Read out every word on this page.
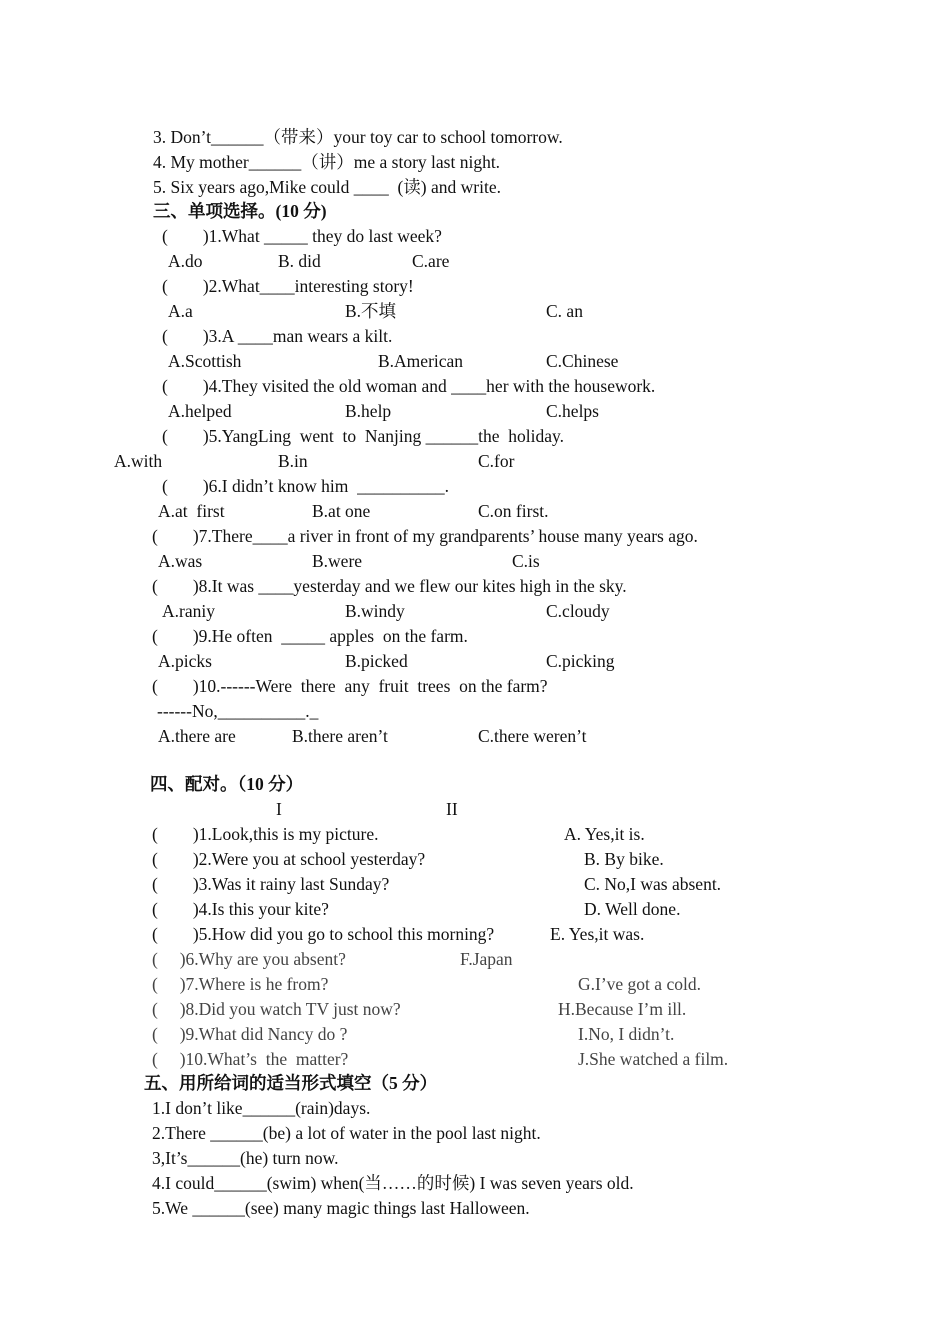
3. Don’t______（带来）your toy car to school tomorrow.
4. My mother______（讲）me a story last night.
5. Six years ago,Mike could ____  (读) and write.
三、单项选择。(10 分)
(        )1.What _____ they do last week?
A.do	B. did	C.are
(        )2.What____interesting story!
A.a	B.不填	C. an
(        )3.A ____man wears a kilt.
A.Scottish	B.American	C.Chinese
(        )4.They visited the old woman and ____her with the housework.
A.helped	B.help	C.helps
(        )5.YangLing  went  to  Nanjing ______the  holiday.
A.with	B.in	C.for
(        )6.I didn’t know him  __________.
A.at  first	B.at one	C.on first.
(        )7.There____a river in front of my grandparents’ house many years ago.
A.was	B.were	C.is
(        )8.It was ____yesterday and we flew our kites high in the sky.
A.raniy	B.windy	C.cloudy
(        )9.He often  _____ apples  on the farm.
A.picks	B.picked	C.picking
(        )10.------Were  there  any  fruit  trees  on the farm?
------No,__________._
A.there are	B.there aren’t	C.there weren’t
四、配对。（10 分）
I	II
(        )1.Look,this is my picture.	A. Yes,it is.
(        )2.Were you at school yesterday?	B. By bike.
(        )3.Was it rainy last Sunday?	C. No,I was absent.
(        )4.Is this your kite?	D. Well done.
(        )5.How did you go to school this morning?	E. Yes,it was.
(     )6.Why are you absent?	F.Japan
(     )7.Where is he from?	G.I’ve got a cold.
(     )8.Did you watch TV just now?	H.Because I’m ill.
(     )9.What did Nancy do ?	I.No, I didn’t.
(     )10.What’s  the  matter?	J.She watched a film.
五、用所给词的适当形式填空（5 分）
1.I don’t like______(rain)days.
2.There ______(be) a lot of water in the pool last night.
3,It’s______(he) turn now.
4.I could______(swim) when(当……的时候) I was seven years old.
5.We ______(see) many magic things last Halloween.
